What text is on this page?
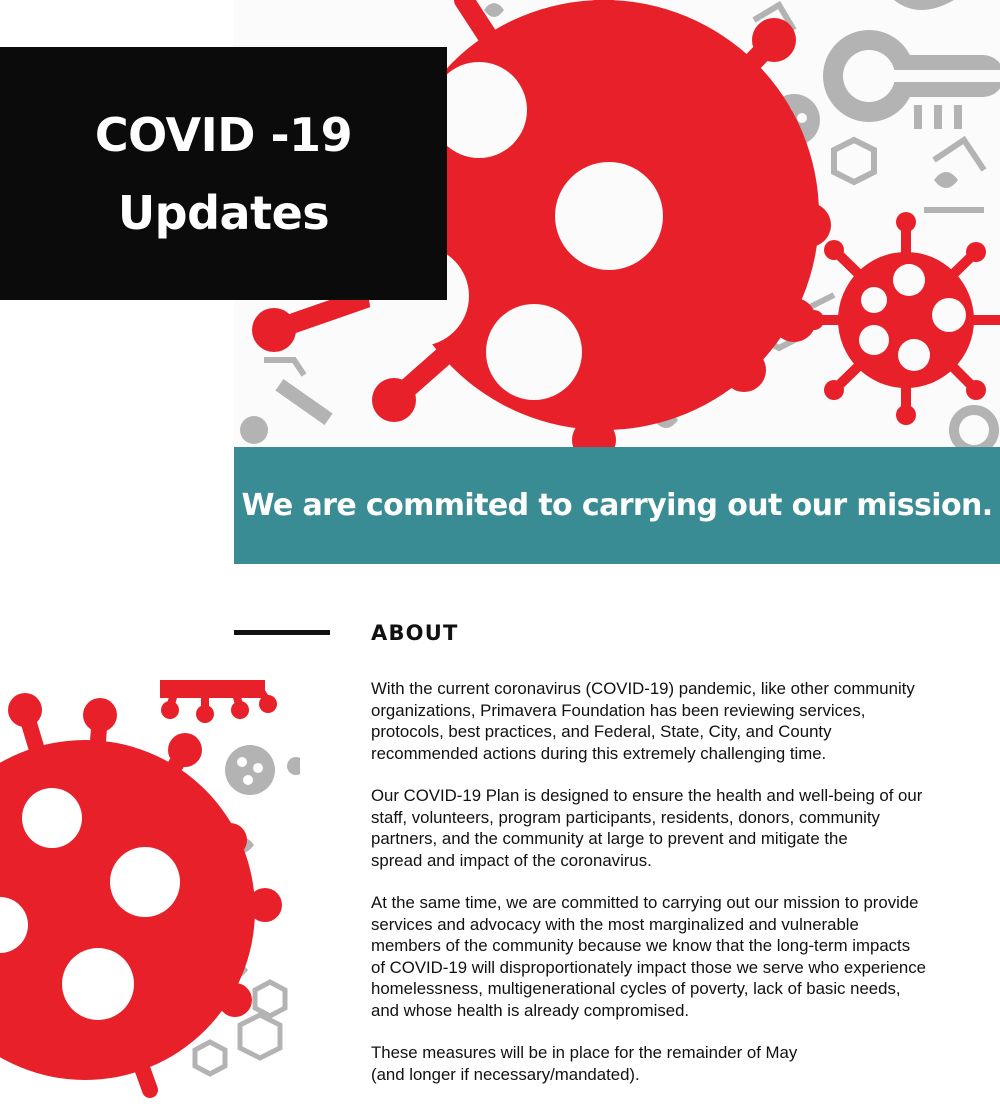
COVID -19
Updates

We are commited to carrying out our mission.

ABOUT

With the current coronavirus (COVID-19) pandemic, like other community
organizations, Primavera Foundation has been reviewing services,
protocols, best practices, and Federal, State, City, and County
recommended actions during this extremely challenging time.

Our COVID-19 Plan is designed to ensure the health and well-being of our
staff, volunteers, program participants, residents, donors, community
partners, and the community at large to prevent and mitigate the
spread and impact of the coronavirus.

At the same time, we are committed to carrying out our mission to provide
services and advocacy with the most marginalized and vulnerable
members of the community because we know that the long-term impacts
of COVID-19 will disproportionately impact those we serve who experience
homelessness, multigenerational cycles of poverty, lack of basic needs,
and whose health is already compromised.

These measures will be in place for the remainder of May
(and longer if necessary/mandated).
